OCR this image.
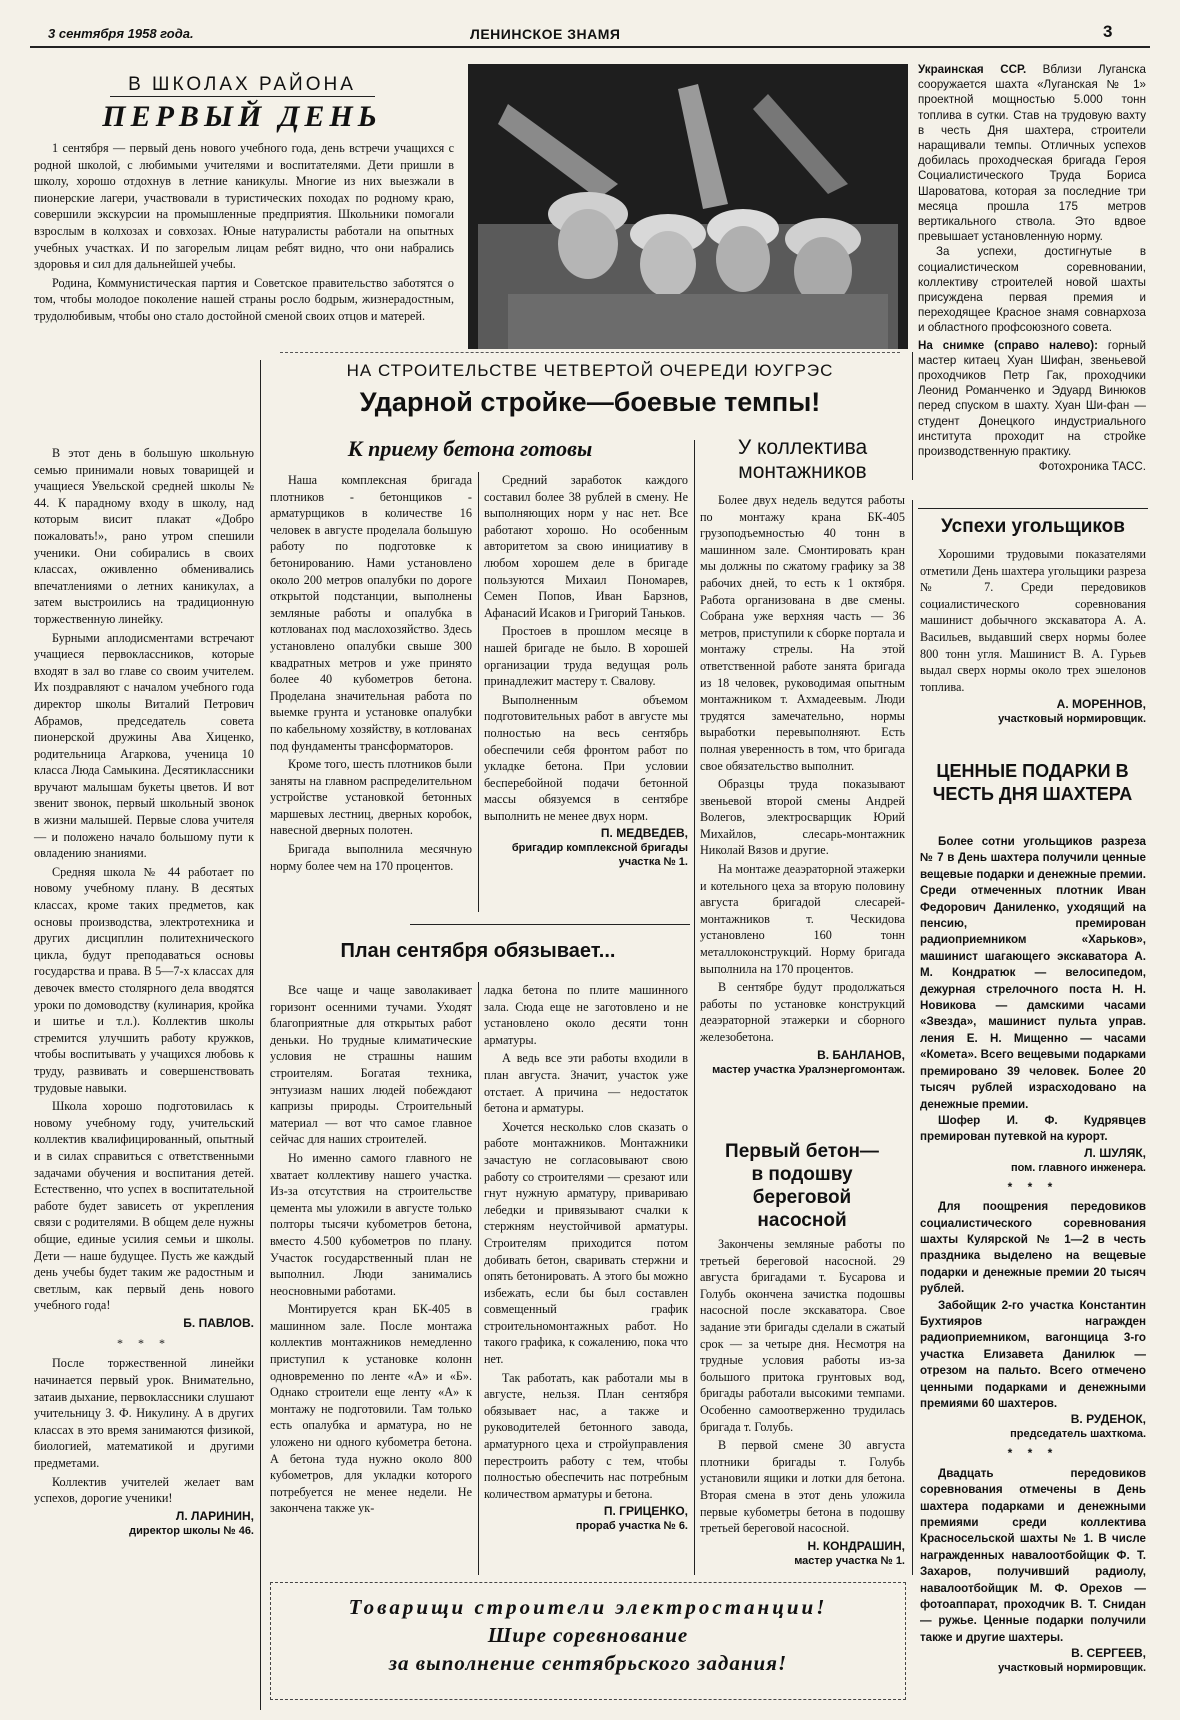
3 сентября 1958 года.	ЛЕНИНСКОЕ ЗНАМЯ	3
В ШКОЛАХ РАЙОНА
ПЕРВЫЙ ДЕНЬ

1 сентября — первый день нового учебного года, день встречи учащихся с родной школой, с любимыми учителями и воспитателями. Дети пришли в школу, хорошо отдохнув в летние каникулы. Многие из них выезжали в пионерские лагери, участвовали в туристических походах по родному краю, совершили экскурсии на промышленные предприятия. Школьники помогали взрослым в колхозах и совхозах. Юные натуралисты работали на опытных учебных участках. И по загорелым лицам ребят видно, что они набрались здоровья и сил для дальнейшей учебы.

Родина, Коммунистическая партия и Советское правительство заботятся о том, чтобы молодое поколение нашей страны росло бодрым, жизнерадостным, трудолюбивым, чтобы оно стало достойной сменой своих отцов и матерей.

В этот день в большую школьную семью принимали новых товарищей и учащиеся Увельской средней школы № 44. К парадному входу в школу, над которым висит плакат «Добро пожаловать!», рано утром спешили ученики. Они собирались в своих классах, оживленно обменивались впечатлениями о летних каникулах, а затем выстроились на традиционную торжественную линейку.

Бурными аплодисментами встречают учащиеся первоклассников, которые входят в зал во главе со своим учителем. Их поздравляют с началом учебного года директор школы Виталий Петрович Абрамов, председатель совета пионерской дружины Ава Хиценко, родительница Агаркова, ученица 10 класса Люда Самыкина. Десятиклассники вручают малышам букеты цветов. И вот звенит звонок, первый школьный звонок в жизни малышей. Первые слова учителя — и положено начало большому пути к овладению знаниями.

Средняя школа № 44 работает по новому учебному плану. В десятых классах, кроме таких предметов, как основы производства, электротехника и других дисциплин политехнического цикла, будут преподаваться основы государства и права. В 5—7-х классах для девочек вместо столярного дела вводятся уроки по домоводству (кулинария, кройка и шитье и т.л.). Коллектив школы стремится улучшить работу кружков, чтобы воспитывать у учащихся любовь к труду, развивать и совершенствовать трудовые навыки.

Школа хорошо подготовилась к новому учебному году, учительский коллектив квалифицированный, опытный и в силах справиться с ответственными задачами обучения и воспитания детей. Естественно, что успех в воспитательной работе будет зависеть от укрепления связи с родителями. В общем деле нужны общие, единые усилия семьи и школы. Дети — наше будущее. Пусть же каждый день учебы будет таким же радостным и светлым, как первый день нового учебного года!

Б. ПАВЛОВ.
* * *

После торжественной линейки начинается первый урок. Внимательно, затаив дыхание, первоклассники слушают учительницу З. Ф. Никулину. А в других классах в это время занимаются физикой, биологией, математикой и другими предметами.

Коллектив учителей желает вам успехов, дорогие ученики!

Л. ЛАРИНИН,
директор школы № 46.
Украинская ССР. Вблизи Луганска сооружается шахта «Луганская № 1» проектной мощностью 5.000 тонн топлива в сутки. Став на трудовую вахту в честь Дня шахтера, строители наращивали темпы. Отличных успехов добилась проходческая бригада Героя Социалистического Труда Бориса Шароватова, которая за последние три месяца прошла 175 метров вертикального ствола. Это вдвое превышает установленную норму.

За успехи, достигнутые в социалистическом соревновании, коллективу строителей новой шахты присуждена первая премия и переходящее Красное знамя совнархоза и областного профсоюзного совета.

На снимке (справо налево): горный мастер китаец Хуан Шифан, звеньевой проходчиков Петр Гак, проходчики Леонид Романченко и Эдуард Винюков перед спуском в шахту. Хуан Ши-фан — студент Донецкого индустриального института проходит на стройке производственную практику.
Фотохроника ТАСС.
НА СТРОИТЕЛЬСТВЕ ЧЕТВЕРТОЙ ОЧЕРЕДИ ЮУГРЭС
Ударной стройке—боевые темпы!
К приему бетона готовы

Наша комплексная бригада плотников - бетонщиков - арматурщиков в количестве 16 человек в августе проделала большую работу по подготовке к бетонированию. Нами установлено около 200 метров опалубки по дороге открытой подстанции, выполнены земляные работы и опалубка в котлованах под маслохозяйство. Здесь установлено опалубки свыше 300 квадратных метров и уже принято более 40 кубометров бетона. Проделана значительная работа по выемке грунта и установке опалубки по кабельному хозяйству, в котлованах под фундаменты трансформаторов.

Кроме того, шесть плотников были заняты на главном распределительном устройстве установкой бетонных маршевых лестниц, дверных коробок, навесной дверных полотен.

Бригада выполнила месячную норму более чем на 170 процентов.

Средний заработок каждого составил более 38 рублей в смену. Не выполняющих норм у нас нет. Все работают хорошо. Но особенным авторитетом за свою инициативу в любом хорошем деле в бригаде пользуются Михаил Пономарев, Семен Попов, Иван Барзнов, Афанасий Исаков и Григорий Таньков.

Простоев в прошлом месяце в нашей бригаде не было. В хорошей организации труда ведущая роль принадлежит мастеру т. Свалову.

Выполненным объемом подготовительных работ в августе мы полностью на весь сентябрь обеспечили себя фронтом работ по укладке бетона. При условии бесперебойной подачи бетонной массы обязуемся в сентябре выполнить не менее двух норм.

П. МЕДВЕДЕВ,
бригадир комплексной бригады участка № 1.
У коллектива
монтажников

Более двух недель ведутся работы по монтажу крана БК-405 грузоподъемностью 40 тонн в машинном зале. Смонтировать кран мы должны по сжатому графику за 38 рабочих дней, то есть к 1 октября. Работа организована в две смены. Собрана уже верхняя часть — 36 метров, приступили к сборке портала и монтажу стрелы. На этой ответственной работе занята бригада из 18 человек, руководимая опытным монтажником т. Ахмадеевым. Люди трудятся замечательно, нормы выработки перевыполняют. Есть полная уверенность в том, что бригада свое обязательство выполнит.

Образцы труда показывают звеньевой второй смены Андрей Волегов, электросварщик Юрий Михайлов, слесарь-монтажник Николай Вязов и другие.

На монтаже деаэраторной этажерки и котельного цеха за вторую половину августа бригадой слесарей-монтажников т. Ческидова установлено 160 тонн металлоконструкций. Норму бригада выполнила на 170 процентов.

В сентябре будут продолжаться работы по установке конструкций деаэраторной этажерки и сборного железобетона.

В. БАНЛАНОВ,
мастер участка Уралэнергомонтаж.
План сентября обязывает...

Все чаще и чаще заволакивает горизонт осенними тучами. Уходят благоприятные для открытых работ деньки. Но трудные климатические условия не страшны нашим строителям. Богатая техника, энтузиазм наших людей побеждают капризы природы. Строительный материал — вот что самое главное сейчас для наших строителей.

Но именно самого главного не хватает коллективу нашего участка. Из-за отсутствия на строительстве цемента мы уложили в августе только полторы тысячи кубометров бетона, вместо 4.500 кубометров по плану. Участок государственный план не выполнил. Люди занимались неосновными работами.

Монтируется кран БК-405 в машинном зале. После монтажа коллектив монтажников немедленно приступил к установке колонн одновременно по ленте «А» и «Б». Однако строители еще ленту «А» к монтажу не подготовили. Там только есть опалубка и арматура, но не уложено ни одного кубометра бетона. А бетона туда нужно около 800 кубометров, для укладки которого потребуется не менее недели. Не закончена также ук-

ладка бетона по плите машинного зала. Сюда еще не заготовлено и не установлено около десяти тонн арматуры.

А ведь все эти работы входили в план августа. Значит, участок уже отстает. А причина — недостаток бетона и арматуры.

Хочется несколько слов сказать о работе монтажников. Монтажники зачастую не согласовывают свою работу со строителями — срезают или гнут нужную арматуру, привариваю лебедки и привязывают счалки к стержням неустойчивой арматуры. Строителям приходится потом добивать бетон, сваривать стержни и опять бетонировать. А этого бы можно избежать, если бы был составлен совмещенный график строительномонтажных работ. Но такого графика, к сожалению, пока что нет.

Так работать, как работали мы в августе, нельзя. План сентября обязывает нас, а также и руководителей бетонного завода, арматурного цеха и стройуправления перестроить работу с тем, чтобы полностью обеспечить нас потребным количеством арматуры и бетона.

П. ГРИЦЕНКО,
прораб участка № 6.
Первый бетон— в подошву береговой насосной

Закончены земляные работы по третьей береговой насосной. 29 августа бригадами т. Бусарова и Голубь окончена зачистка подошвы насосной после экскаватора. Свое задание эти бригады сделали в сжатый срок — за четыре дня. Несмотря на трудные условия работы из-за большого притока грунтовых вод, бригады работали высокими темпами. Особенно самоотверженно трудилась бригада т. Голубь.

В первой смене 30 августа плотники бригады т. Голубь установили ящики и лотки для бетона. Вторая смена в этот день уложила первые кубометры бетона в подошву третьей береговой насосной.

Н. КОНДРАШИН,
мастер участка № 1.
Успехи угольщиков

Хорошими трудовыми показателями отметили День шахтера угольщики разреза № 7. Среди передовиков социалистического соревнования машинист добычного экскаватора А. А. Васильев, выдавший сверх нормы более 800 тонн угля. Машинист В. А. Гурьев выдал сверх нормы около трех эшелонов топлива.

А. МОРЕННОВ,
участковый нормировщик.
ЦЕННЫЕ ПОДАРКИ В ЧЕСТЬ ДНЯ ШАХТЕРА
Более сотни угольщиков разреза № 7 в День шахтера получили ценные вещевые подарки и денежные премии. Среди отмеченных плотник Иван Федорович Даниленко, уходящий на пенсию, премирован радиоприемником «Харьков», машинист шагающего экскаватора А. М. Кондратюк — велосипедом, дежурная стрелочного поста Н. Н. Новикова — дамскими часами «Звезда», машинист пульта управ. ления Е. Н. Мищенно — часами «Комета». Всего вещевыми подарками премировано 39 человек. Более 20 тысяч рублей израсходовано на денежные премии.
Шофер И. Ф. Кудрявцев премирован путевкой на курорт.
Л. ШУЛЯК,
пом. главного инженера.
* * *
Для поощрения передовиков социалистического соревнования шахты Кулярской № 1—2 в честь праздника выделено на вещевые подарки и денежные премии 20 тысяч рублей.
Забойщик 2-го участка Константин Бухтияров награжден радиоприемником, вагонщица 3-го участка Елизавета Данилюк — отрезом на пальто. Всего отмечено ценными подарками и денежными премиями 60 шахтеров.
В. РУДЕНОК,
председатель шахткома.
* * *
Двадцать передовиков соревнования отмечены в День шахтера подарками и денежными премиями среди коллектива Красносельской шахты № 1. В числе награжденных навалоотбойщик Ф. Т. Захаров, получивший радиолу, навалоотбойщик М. Ф. Орехов — фотоаппарат, проходчик В. Т. Снидан — ружье. Ценные подарки получили также и другие шахтеры.
В. СЕРГЕЕВ,
участковый нормировщик.
Товарищи строители электростанции!
Шире соревнование
за выполнение сентябрьского задания!
